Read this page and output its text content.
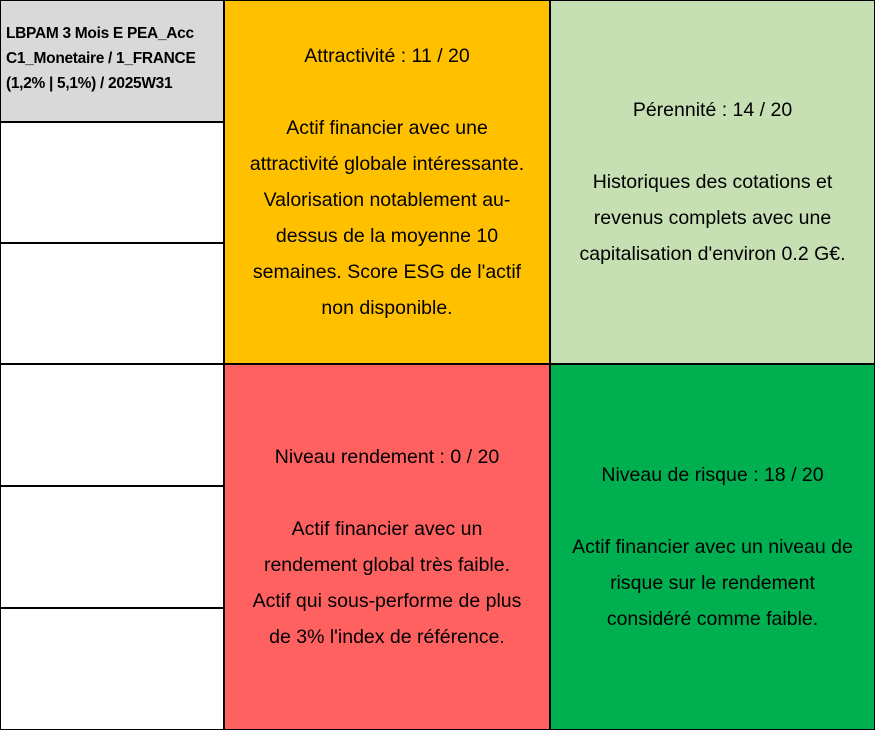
LBPAM 3 Mois E PEA_Acc
C1_Monetaire / 1_FRANCE
(1,2% | 5,1%) / 2025W31
Attractivité : 11 / 20
Actif financier avec une
attractivité globale intéressante.
Valorisation notablement au-
dessus de la moyenne 10
semaines. Score ESG de l'actif
non disponible.
Pérennité : 14 / 20
Historiques des cotations et
revenus complets avec une
capitalisation d'environ 0.2 G€.
Niveau rendement : 0 / 20
Actif financier avec un
rendement global très faible.
Actif qui sous-performe de plus
de 3% l'index de référence.
Niveau de risque : 18 / 20
Actif financier avec un niveau de
risque sur le rendement
considéré comme faible.
